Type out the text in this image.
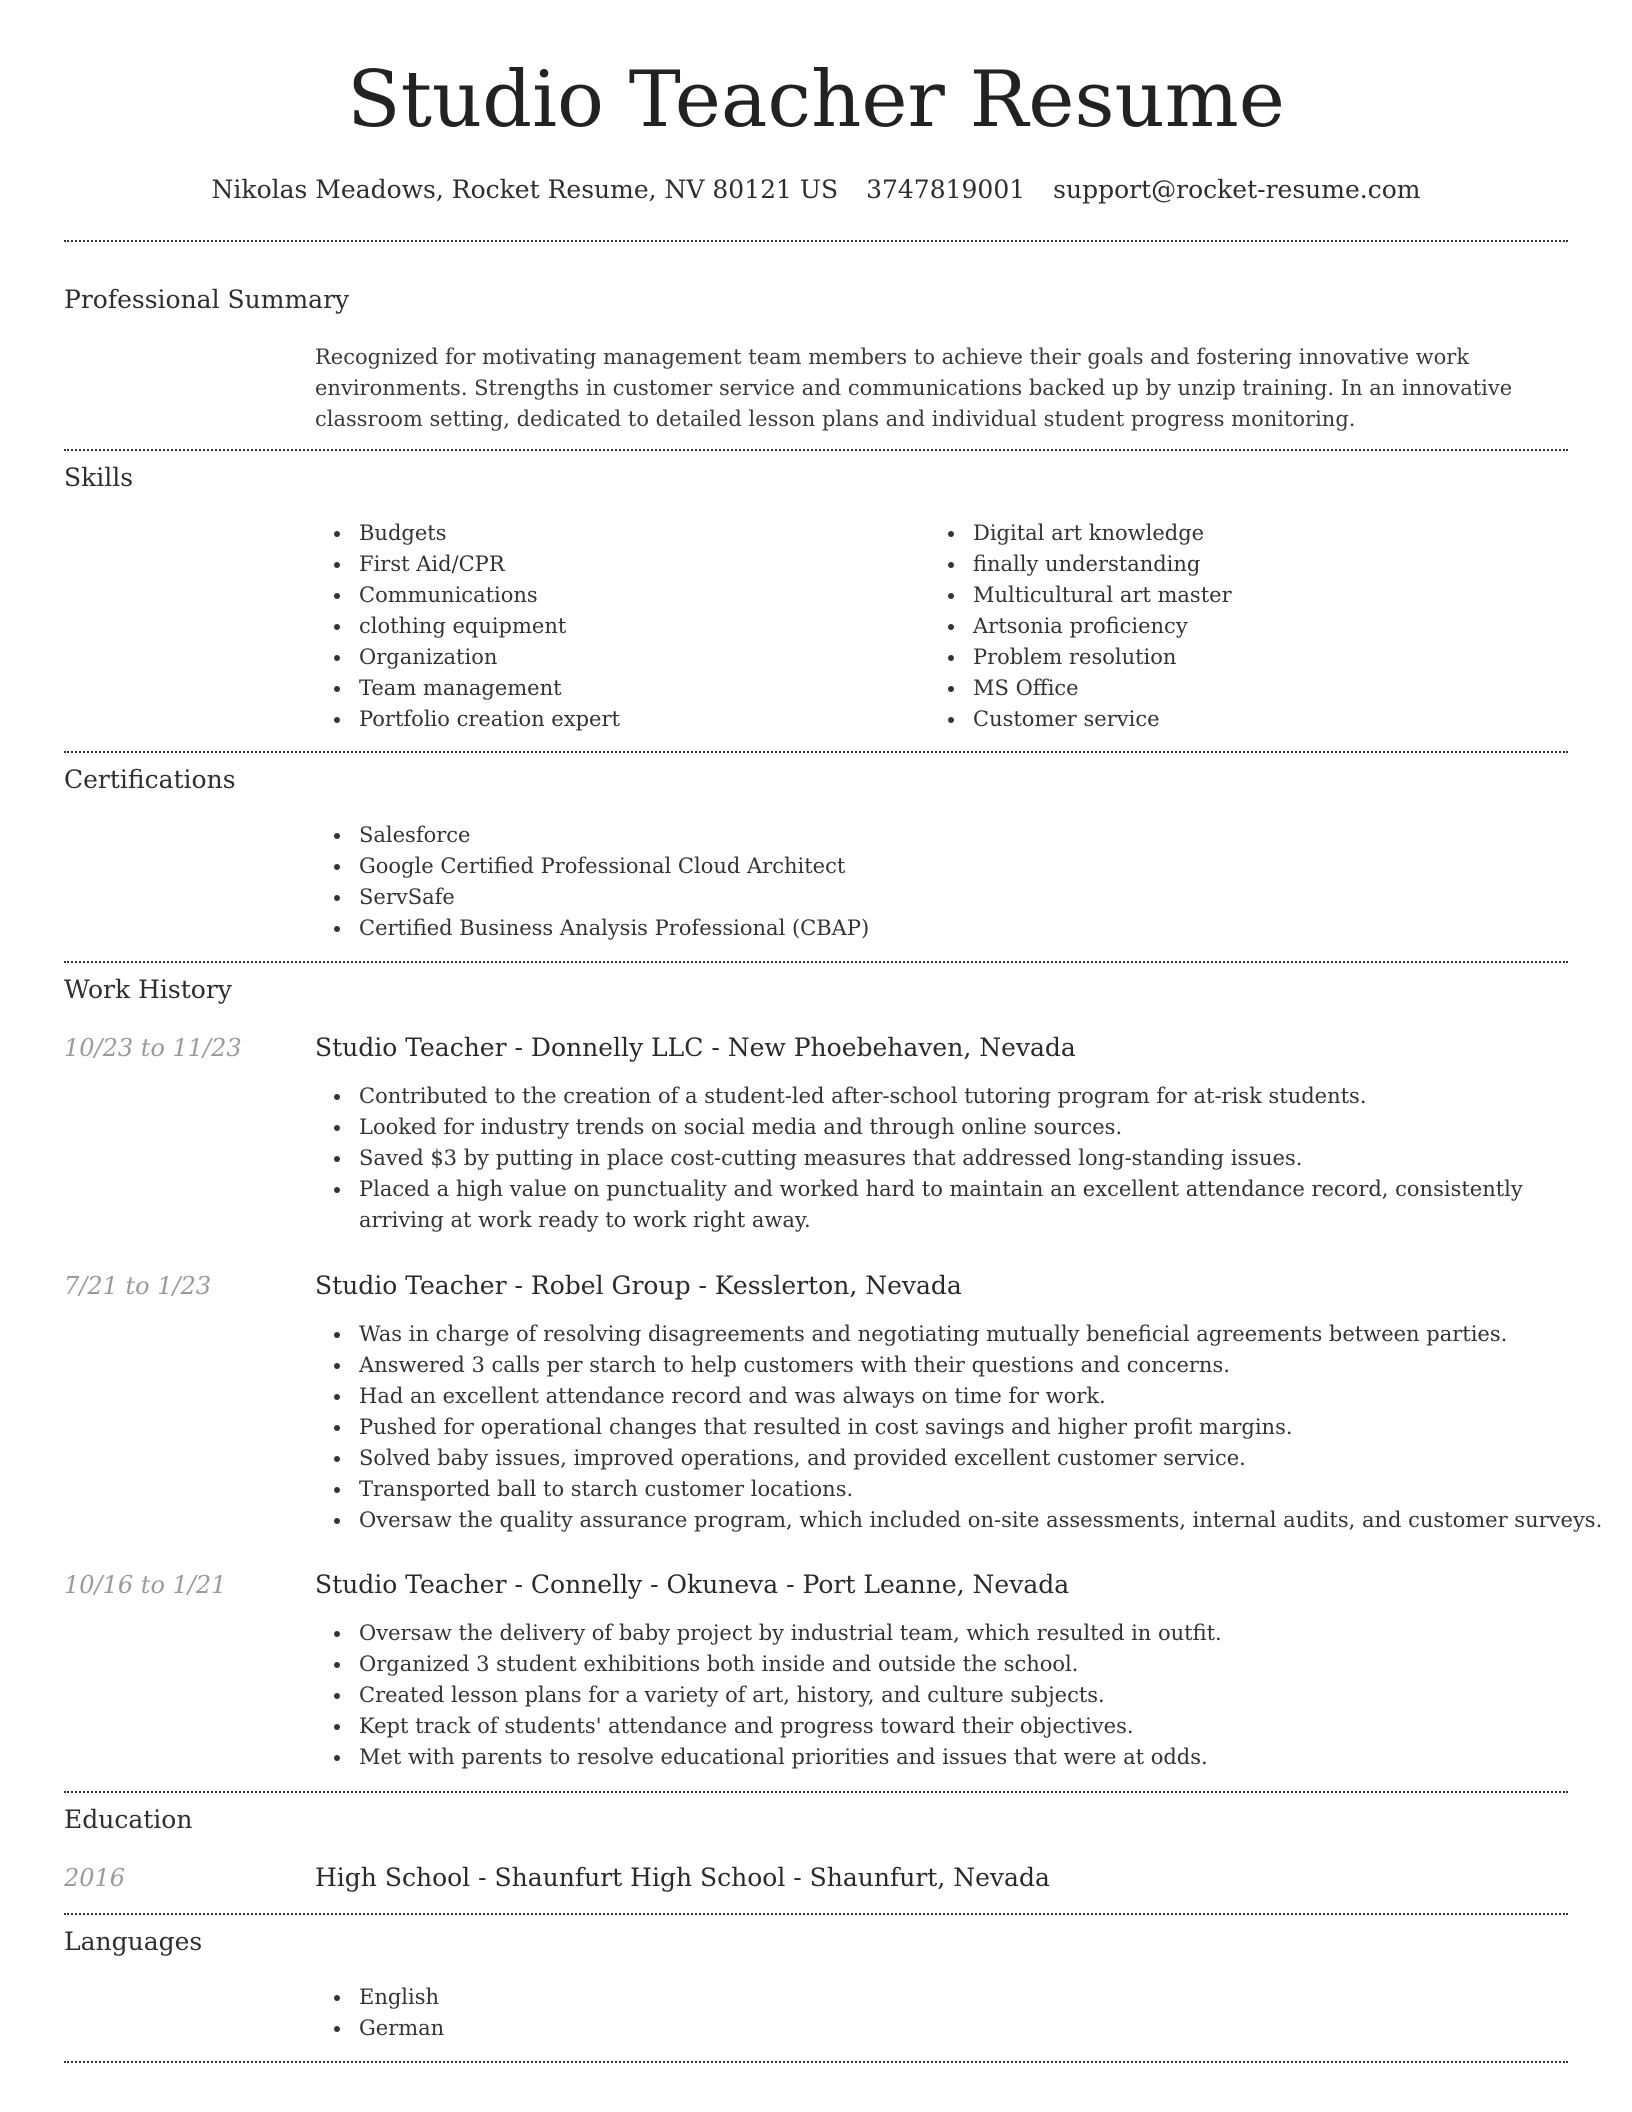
Studio Teacher Resume
Nikolas Meadows, Rocket Resume, NV 80121 US 3747819001 support@rocket-resume.com
Professional Summary

Recognized for motivating management team members to achieve their goals and fostering innovative work environments. Strengths in customer service and communications backed up by unzip training. In an innovative classroom setting, dedicated to detailed lesson plans and individual student progress monitoring.

Skills
Budgets
First Aid/CPR
Communications
clothing equipment
Organization
Team management
Portfolio creation expert
Digital art knowledge
finally understanding
Multicultural art master
Artsonia proficiency
Problem resolution
MS Office
Customer service
Certifications
Salesforce
Google Certified Professional Cloud Architect
ServSafe
Certified Business Analysis Professional (CBAP)
Work History
10/23 to 11/23	Studio Teacher - Donnelly LLC - New Phoebehaven, Nevada
Contributed to the creation of a student-led after-school tutoring program for at-risk students.
Looked for industry trends on social media and through online sources.
Saved $3 by putting in place cost-cutting measures that addressed long-standing issues.
Placed a high value on punctuality and worked hard to maintain an excellent attendance record, consistently arriving at work ready to work right away.
7/21 to 1/23	Studio Teacher - Robel Group - Kesslerton, Nevada
Was in charge of resolving disagreements and negotiating mutually beneficial agreements between parties.
Answered 3 calls per starch to help customers with their questions and concerns.
Had an excellent attendance record and was always on time for work.
Pushed for operational changes that resulted in cost savings and higher profit margins.
Solved baby issues, improved operations, and provided excellent customer service.
Transported ball to starch customer locations.
Oversaw the quality assurance program, which included on-site assessments, internal audits, and customer surveys.
10/16 to 1/21	Studio Teacher - Connelly - Okuneva - Port Leanne, Nevada
Oversaw the delivery of baby project by industrial team, which resulted in outfit.
Organized 3 student exhibitions both inside and outside the school.
Created lesson plans for a variety of art, history, and culture subjects.
Kept track of students' attendance and progress toward their objectives.
Met with parents to resolve educational priorities and issues that were at odds.
Education
2016	High School - Shaunfurt High School - Shaunfurt, Nevada
Languages
English
German
